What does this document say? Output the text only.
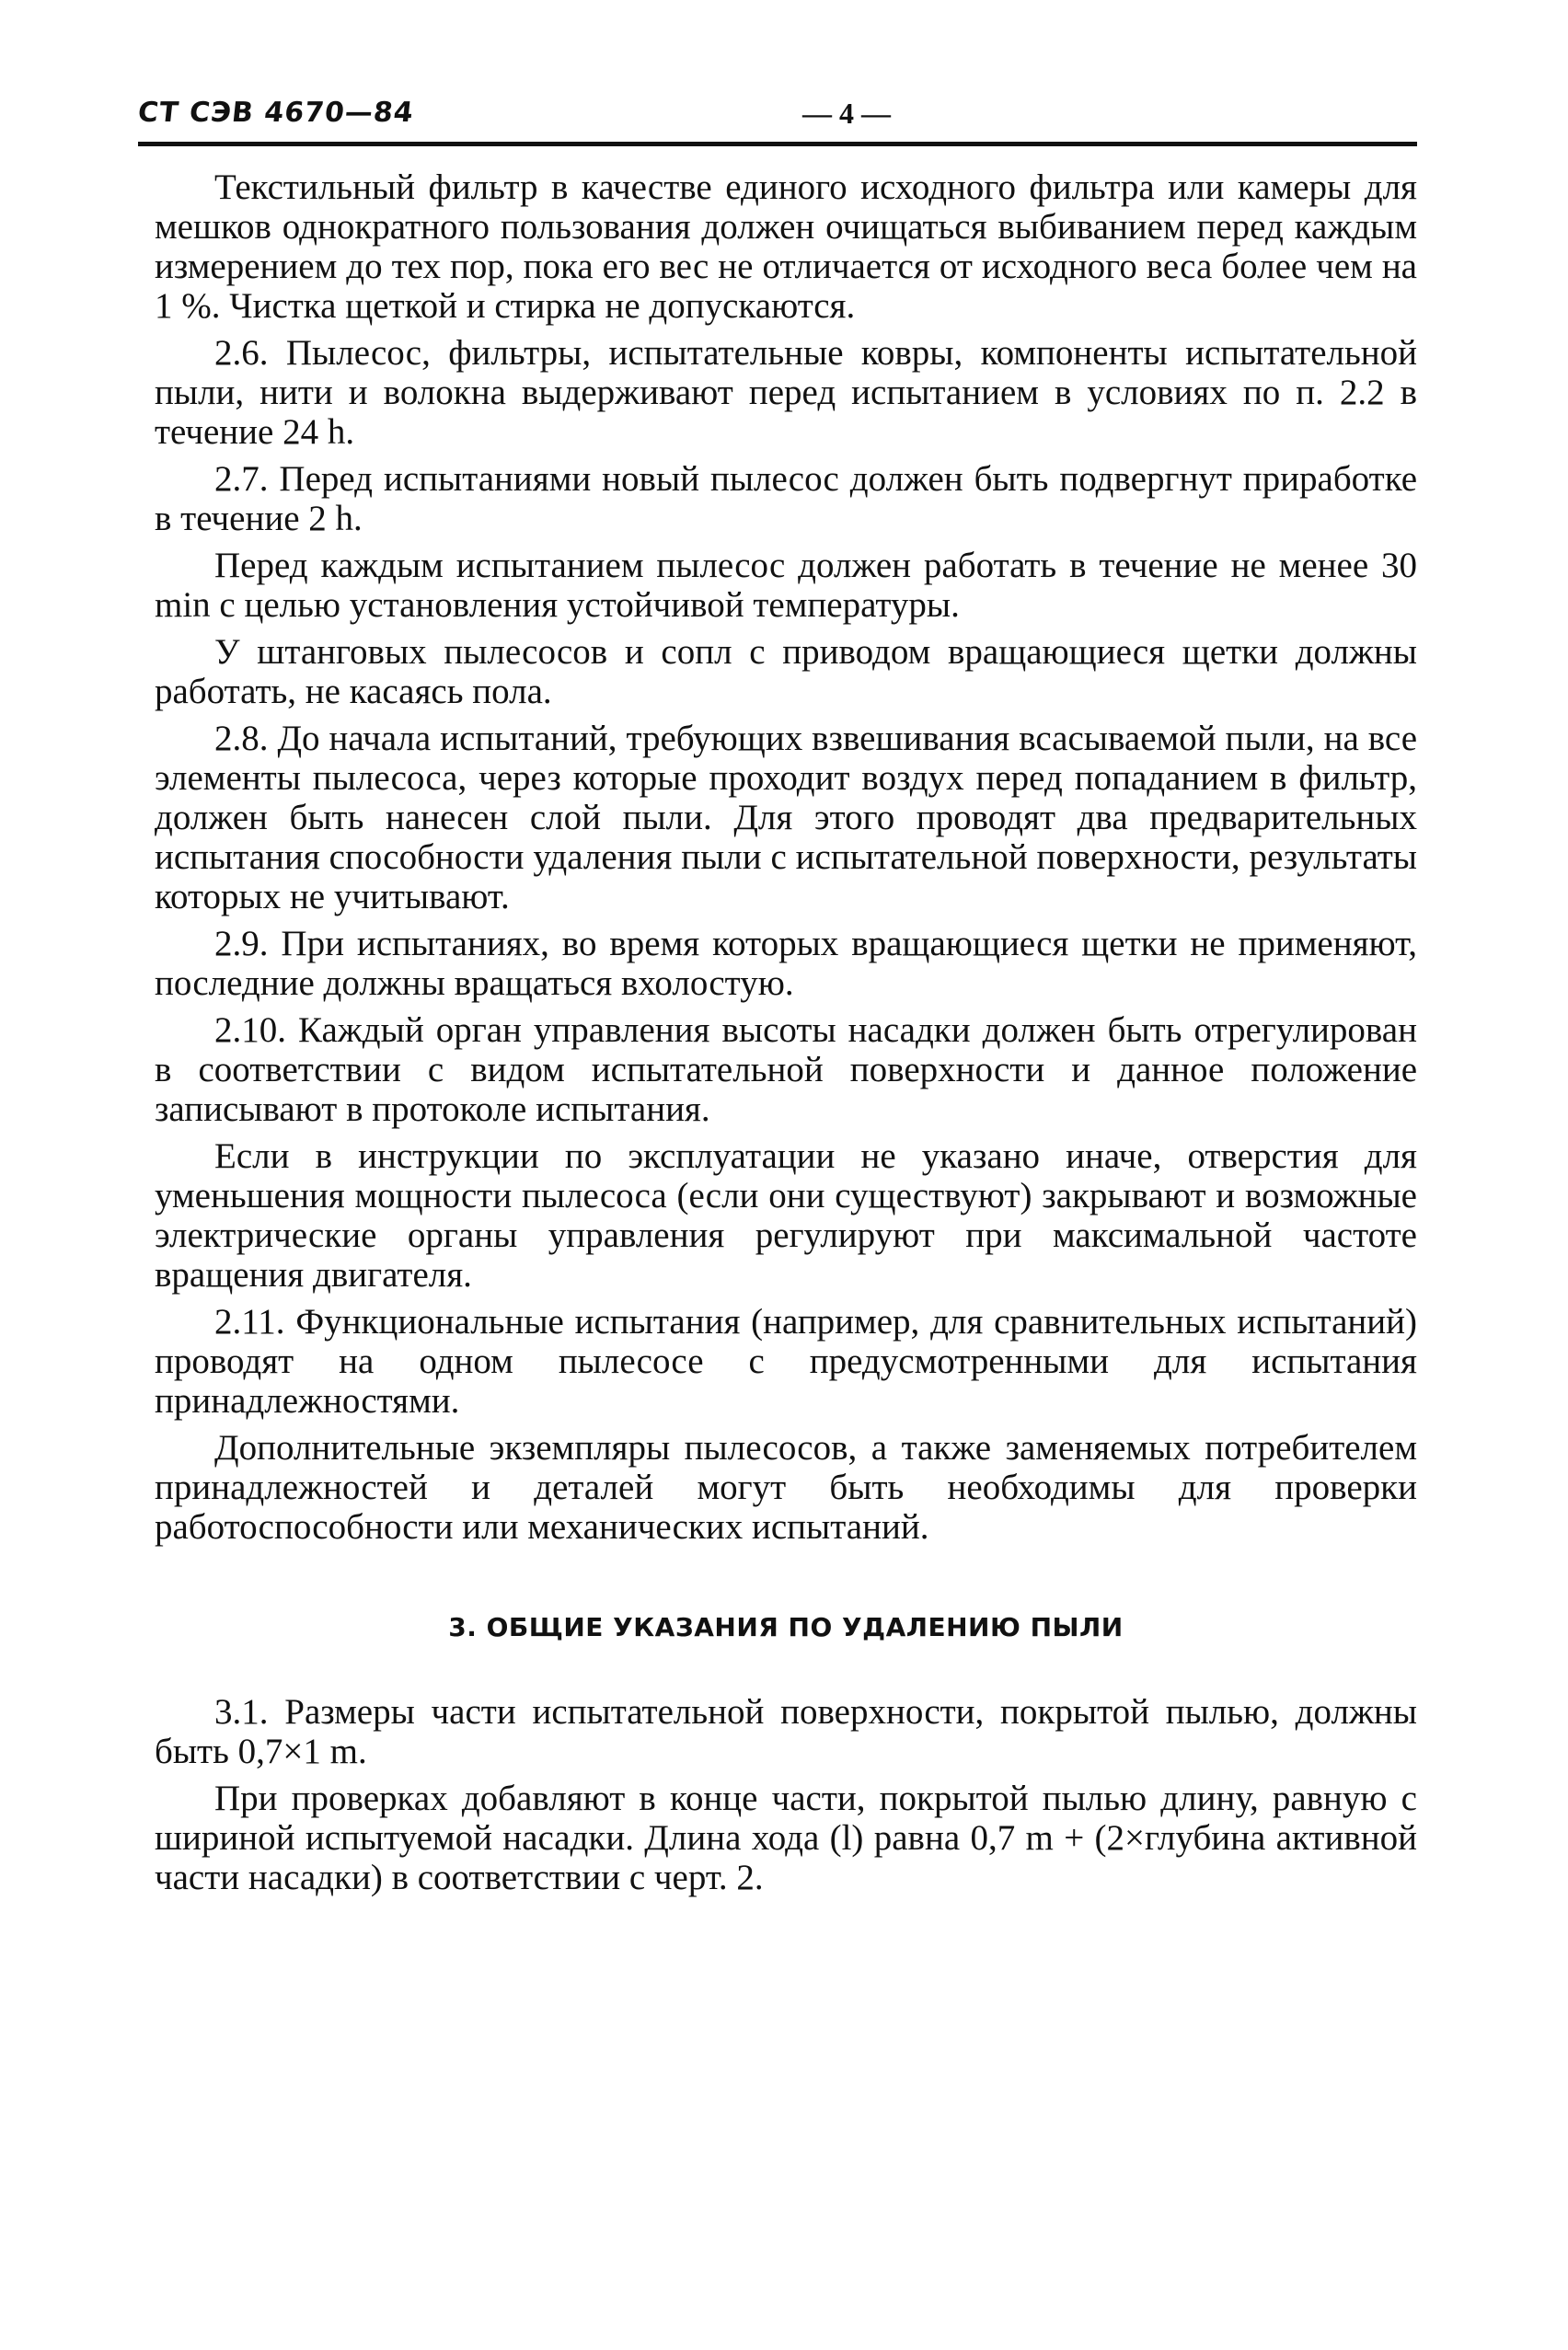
СТ СЭВ 4670—84	— 4 —

Текстильный фильтр в качестве единого исходного фильтра или камеры для мешков однократного пользования должен очищаться выбиванием перед каждым измерением до тех пор, пока его вес не отличается от исходного веса более чем на 1 %. Чистка щеткой и стирка не допускаются.

2.6. Пылесос, фильтры, испытательные ковры, компоненты испытательной пыли, нити и волокна выдерживают перед испытанием в условиях по п. 2.2 в течение 24 h.

2.7. Перед испытаниями новый пылесос должен быть подвергнут приработке в течение 2 h.

Перед каждым испытанием пылесос должен работать в течение не менее 30 min с целью установления устойчивой температуры.

У штанговых пылесосов и сопл с приводом вращающиеся щетки должны работать, не касаясь пола.

2.8. До начала испытаний, требующих взвешивания всасываемой пыли, на все элементы пылесоса, через которые проходит воздух перед попаданием в фильтр, должен быть нанесен слой пыли. Для этого проводят два предварительных испытания способности удаления пыли с испытательной поверхности, результаты которых не учитывают.

2.9. При испытаниях, во время которых вращающиеся щетки не применяют, последние должны вращаться вхолостую.

2.10. Каждый орган управления высоты насадки должен быть отрегулирован в соответствии с видом испытательной поверхности и данное положение записывают в протоколе испытания.

Если в инструкции по эксплуатации не указано иначе, отверстия для уменьшения мощности пылесоса (если они существуют) закрывают и возможные электрические органы управления регулируют при максимальной частоте вращения двигателя.

2.11. Функциональные испытания (например, для сравнительных испытаний) проводят на одном пылесосе с предусмотренными для испытания принадлежностями.

Дополнительные экземпляры пылесосов, а также заменяемых потребителем принадлежностей и деталей могут быть необходимы для проверки работоспособности или механических испытаний.

3. ОБЩИЕ УКАЗАНИЯ ПО УДАЛЕНИЮ ПЫЛИ

3.1. Размеры части испытательной поверхности, покрытой пылью, должны быть 0,7×1 m.

При проверках добавляют в конце части, покрытой пылью длину, равную с шириной испытуемой насадки. Длина хода (l) равна 0,7 m + (2×глубина активной части насадки) в соответствии с черт. 2.
